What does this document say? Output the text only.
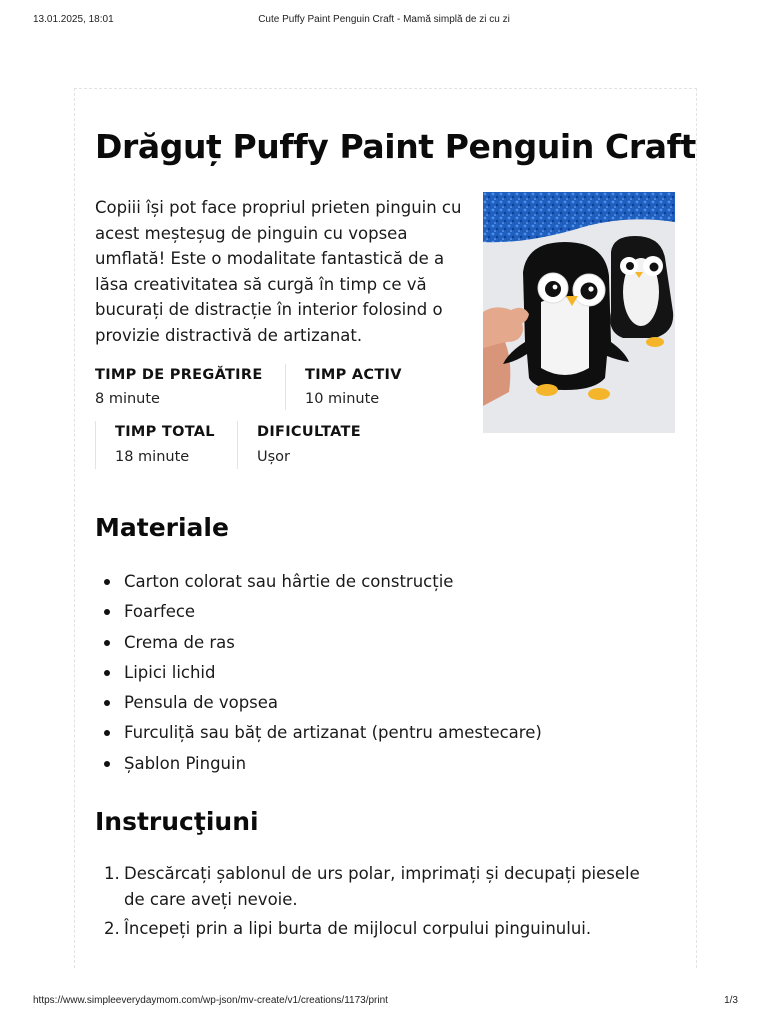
13.01.2025, 18:01	Cute Puffy Paint Penguin Craft - Mamă simplă de zi cu zi
Drăguț Puffy Paint Penguin Craft

Copiii își pot face propriul prieten pinguin cu acest meșteșug de pinguin cu vopsea umflată! Este o modalitate fantastică de a lăsa creativitatea să curgă în timp ce vă bucurați de distracție în interior folosind o provizie distractivă de artizanat.

TIMP DE PREGĂTIRE
8 minute
TIMP ACTIV
10 minute
TIMP TOTAL
18 minute
DIFICULTATE
Ușor
Materiale
Carton colorat sau hârtie de construcție
Foarfece
Crema de ras
Lipici lichid
Pensula de vopsea
Furculiță sau băț de artizanat (pentru amestecare)
Șablon Pinguin
Instrucţiuni
1. Descărcați șablonul de urs polar, imprimați și decupați piesele de care aveți nevoie.
2. Începeți prin a lipi burta de mijlocul corpului pinguinului.
https://www.simpleeverydaymom.com/wp-json/mv-create/v1/creations/1173/print	1/3
